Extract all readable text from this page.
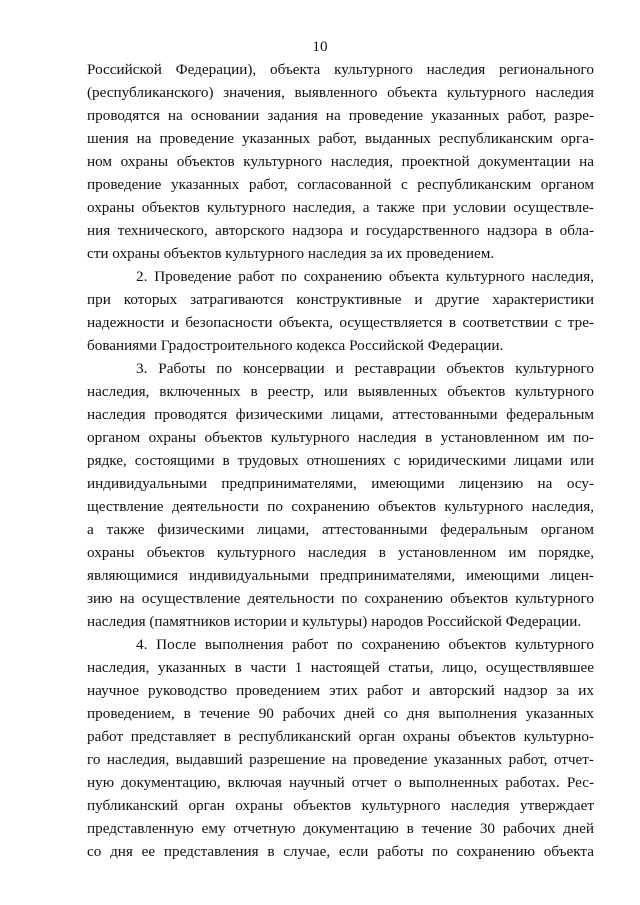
10
Российской Федерации), объекта культурного наследия регионального
(республиканского) значения, выявленного объекта культурного наследия
проводятся на основании задания на проведение указанных работ, разре-
шения на проведение указанных работ, выданных республиканским орга-
ном охраны объектов культурного наследия, проектной документации на
проведение указанных работ, согласованной с республиканским органом
охраны объектов культурного наследия, а также при условии осуществле-
ния технического, авторского надзора и государственного надзора в обла-
сти охраны объектов культурного наследия за их проведением.
2. Проведение работ по сохранению объекта культурного наследия,
при которых затрагиваются конструктивные и другие характеристики
надежности и безопасности объекта, осуществляется в соответствии с тре-
бованиями Градостроительного кодекса Российской Федерации.
3. Работы по консервации и реставрации объектов культурного
наследия, включенных в реестр, или выявленных объектов культурного
наследия проводятся физическими лицами, аттестованными федеральным
органом охраны объектов культурного наследия в установленном им по-
рядке, состоящими в трудовых отношениях с юридическими лицами или
индивидуальными предпринимателями, имеющими лицензию на осу-
ществление деятельности по сохранению объектов культурного наследия,
а также физическими лицами, аттестованными федеральным органом
охраны объектов культурного наследия в установленном им порядке,
являющимися индивидуальными предпринимателями, имеющими лицен-
зию на осуществление деятельности по сохранению объектов культурного
наследия (памятников истории и культуры) народов Российской Федерации.
4. После выполнения работ по сохранению объектов культурного
наследия, указанных в части 1 настоящей статьи, лицо, осуществлявшее
научное руководство проведением этих работ и авторский надзор за их
проведением, в течение 90 рабочих дней со дня выполнения указанных
работ представляет в республиканский орган охраны объектов культурно-
го наследия, выдавший разрешение на проведение указанных работ, отчет-
ную документацию, включая научный отчет о выполненных работах. Рес-
публиканский орган охраны объектов культурного наследия утверждает
представленную ему отчетную документацию в течение 30 рабочих дней
со дня ее представления в случае, если работы по сохранению объекта
